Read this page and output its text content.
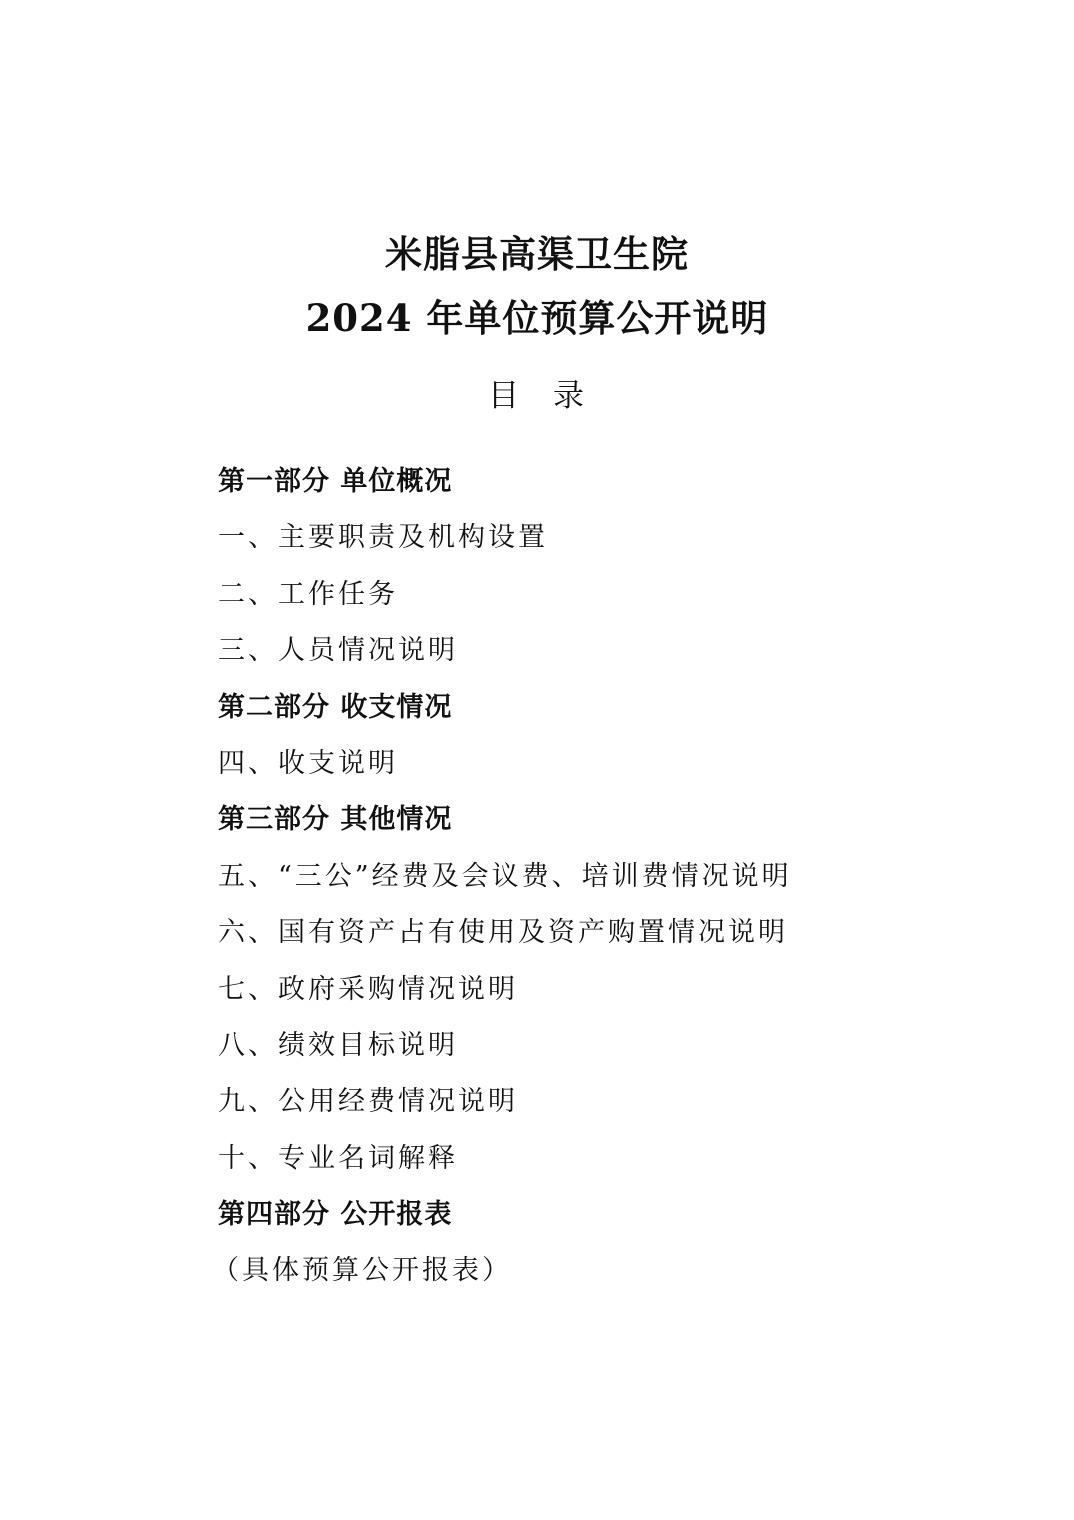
米脂县高渠卫生院
2024 年单位预算公开说明
目 录
第一部分 单位概况
一、主要职责及机构设置
二、工作任务
三、人员情况说明
第二部分 收支情况
四、收支说明
第三部分 其他情况
五、“三公”经费及会议费、培训费情况说明
六、国有资产占有使用及资产购置情况说明
七、政府采购情况说明
八、绩效目标说明
九、公用经费情况说明
十、专业名词解释
第四部分 公开报表
（具体预算公开报表）
